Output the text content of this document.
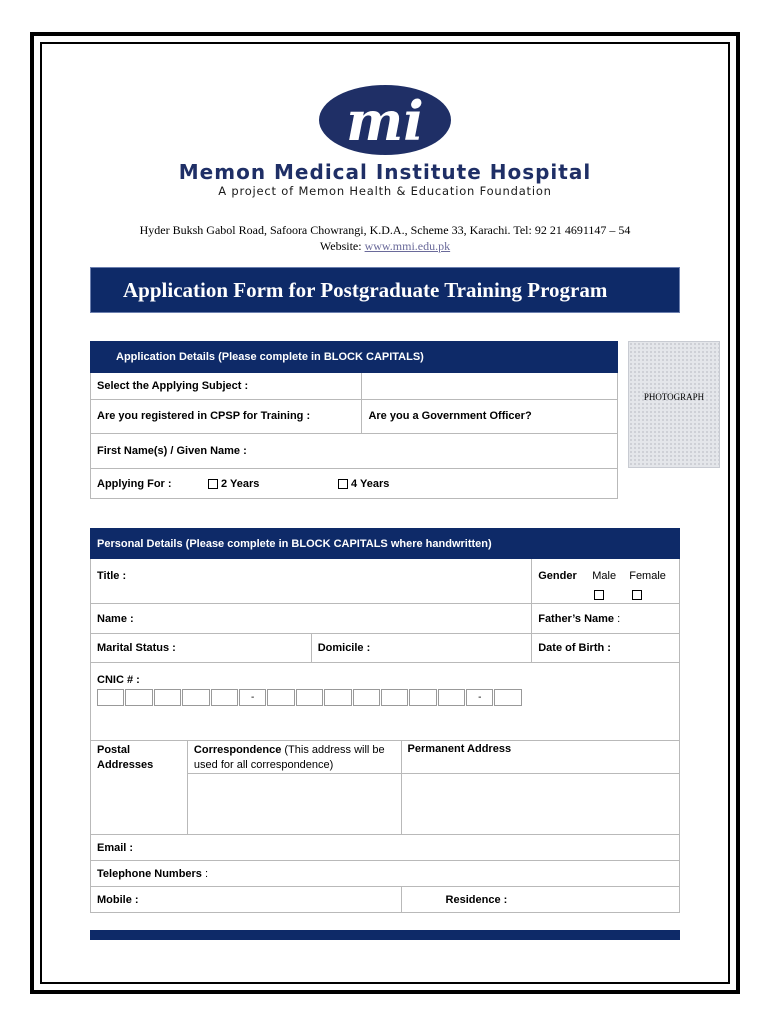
mi
Memon Medical Institute Hospital
A project of Memon Health & Education Foundation
Hyder Buksh Gabol Road, Safoora Chowrangi, K.D.A., Scheme 33, Karachi. Tel: 92 21 4691147 – 54
Website: www.mmi.edu.pk
Application Form for Postgraduate Training Program
Application Details (Please complete in BLOCK CAPITALS)	
Select the Applying Subject :	
Are you registered in CPSP for Training :	Are you a Government Officer?
First Name(s) / Given Name :	
Applying For : 2 Years 4 Years	
PHOTOGRAPH
Personal Details (Please complete in BLOCK CAPITALS where handwritten)				
Title :				Gender Male Female

Name :				Father’s Name :
Marital Status :		Domicile :		Date of Birth :
CNIC # :				
Postal Addresses	Correspondence (This address will be used for all correspondence)		Permanent Address	

Email :				
Telephone Numbers :				
Mobile :			Residence :	
-	-
